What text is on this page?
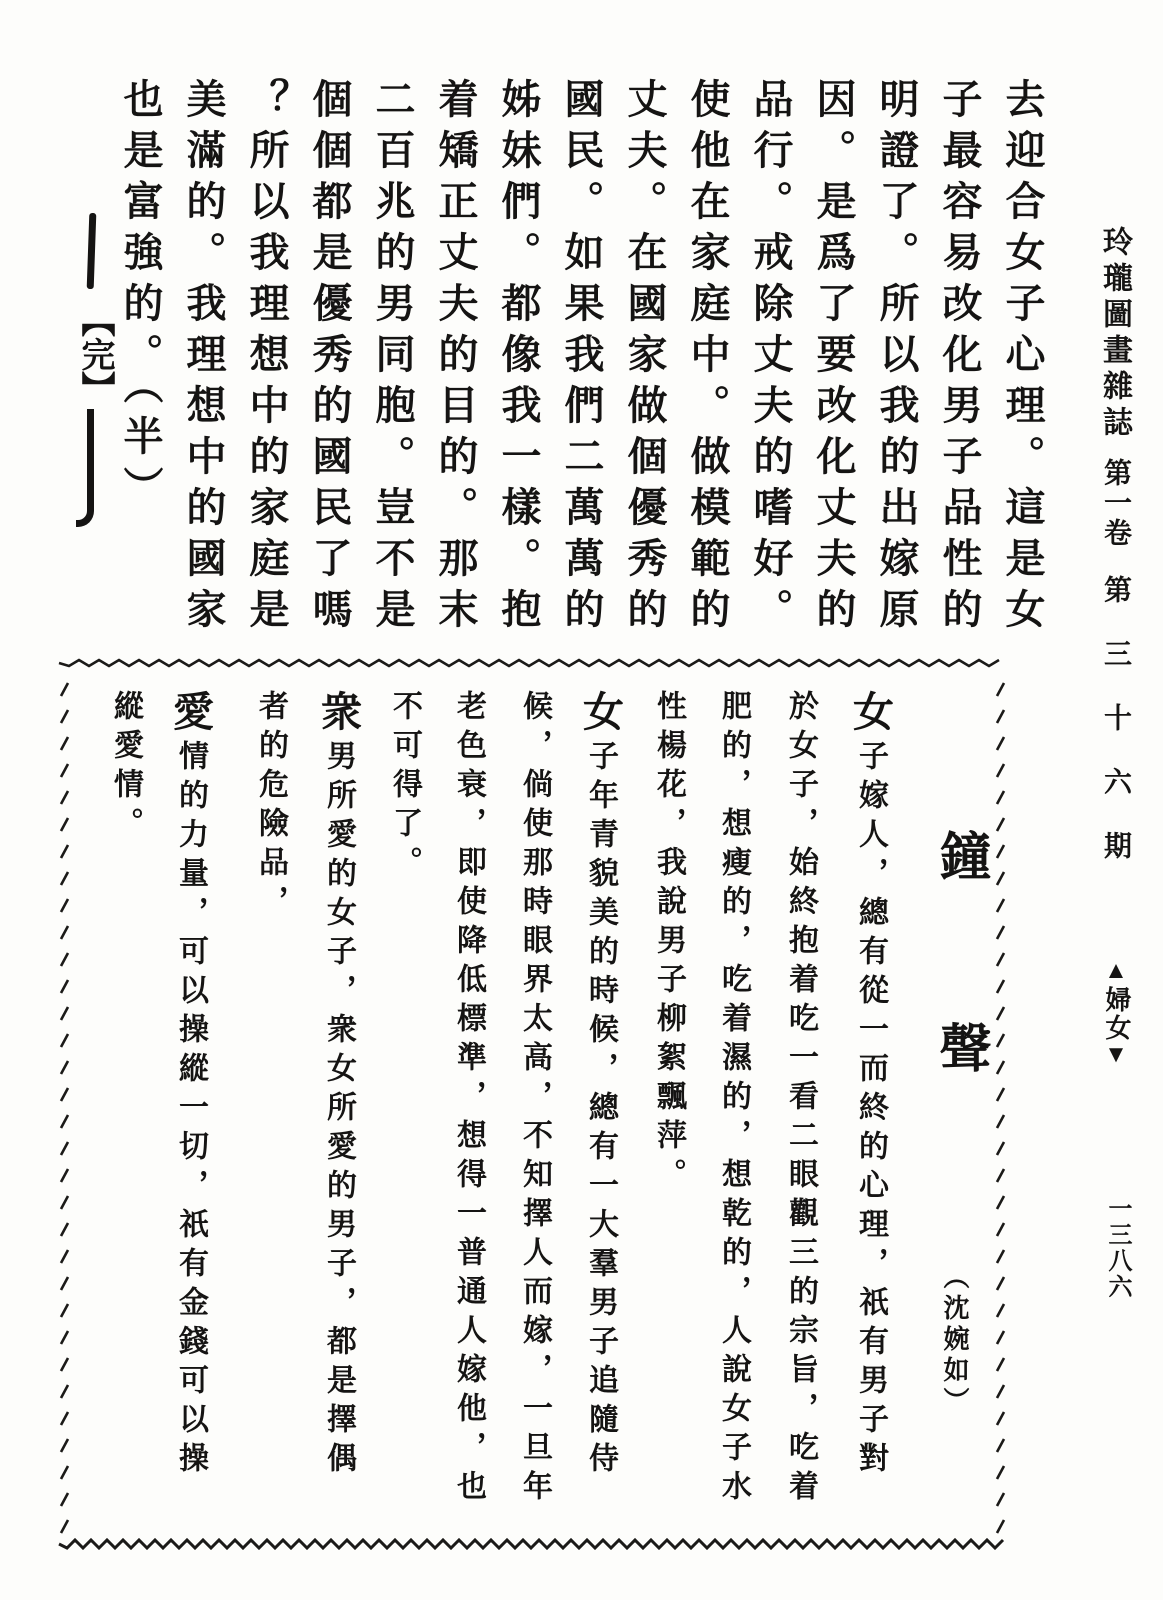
玲瓏圖畫雜誌
第一卷
第三十六期
▲婦女▼
一三八六
去迎合女子心理。這是女
子最容易改化男子品性的
明證了。所以我的出嫁原
因。是爲了要改化丈夫的
品行。戒除丈夫的嗜好。
使他在家庭中。做模範的
丈夫。在國家做個優秀的
國民。如果我們二萬萬的
姊妹們。都像我一樣。抱
着矯正丈夫的目的。那末
二百兆的男同胞。豈不是
個個都是優秀的國民了嗎
？所以我理想中的家庭是
美滿的。我理想中的國家
也是富強的。（半）
【完】
鐘聲
（沈婉如）
女子嫁人，總有從一而終的心理，祇有男子對
於女子，始終抱着吃一看二眼觀三的宗旨，吃着
肥的，想瘦的，吃着濕的，想乾的，人說女子水
性楊花，我說男子柳絮飄萍。
女子年青貌美的時候，總有一大羣男子追隨侍
候，倘使那時眼界太高，不知擇人而嫁，一旦年
老色衰，即使降低標準，想得一普通人嫁他，也
不可得了。
衆男所愛的女子，衆女所愛的男子，都是擇偶
者的危險品，
愛情的力量，可以操縱一切，祇有金錢可以操
縱愛情。
